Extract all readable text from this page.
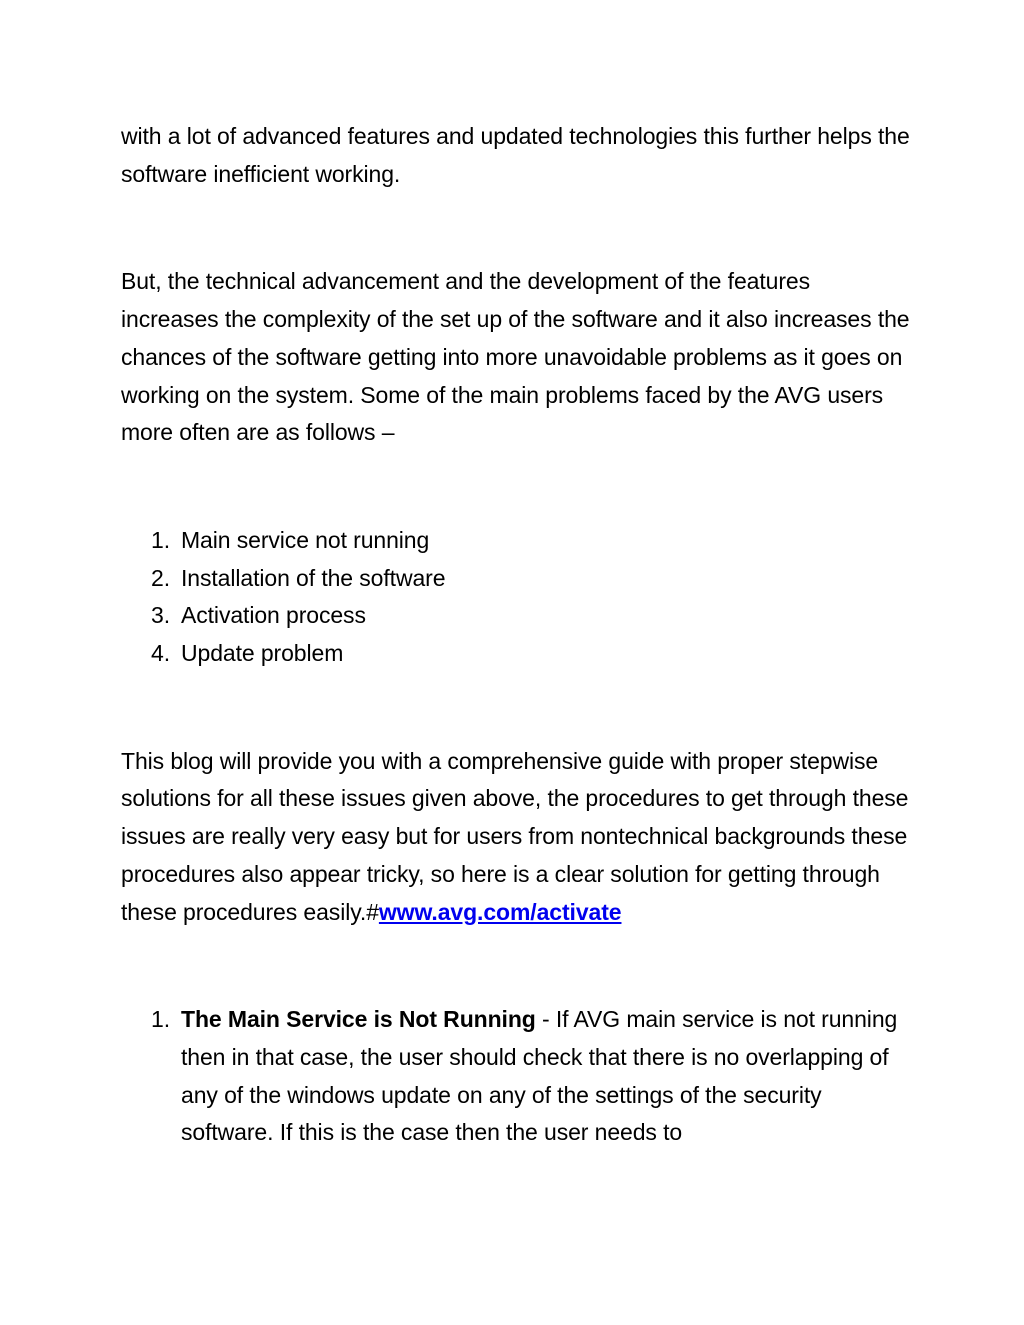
with a lot of advanced features and updated technologies this further helps the software inefficient working.

But, the technical advancement and the development of the features increases the complexity of the set up of the software and it also increases the chances of the software getting into more unavoidable problems as it goes on working on the system. Some of the main problems faced by the AVG users more often are as follows –

1. Main service not running
2. Installation of the software
3. Activation process
4. Update problem

This blog will provide you with a comprehensive guide with proper stepwise solutions for all these issues given above, the procedures to get through these issues are really very easy but for users from nontechnical backgrounds these procedures also appear tricky, so here is a clear solution for getting through these procedures easily.#www.avg.com/activate

1. The Main Service is Not Running - If AVG main service is not running then in that case, the user should check that there is no overlapping of any of the windows update on any of the settings of the security software. If this is the case then the user needs to
